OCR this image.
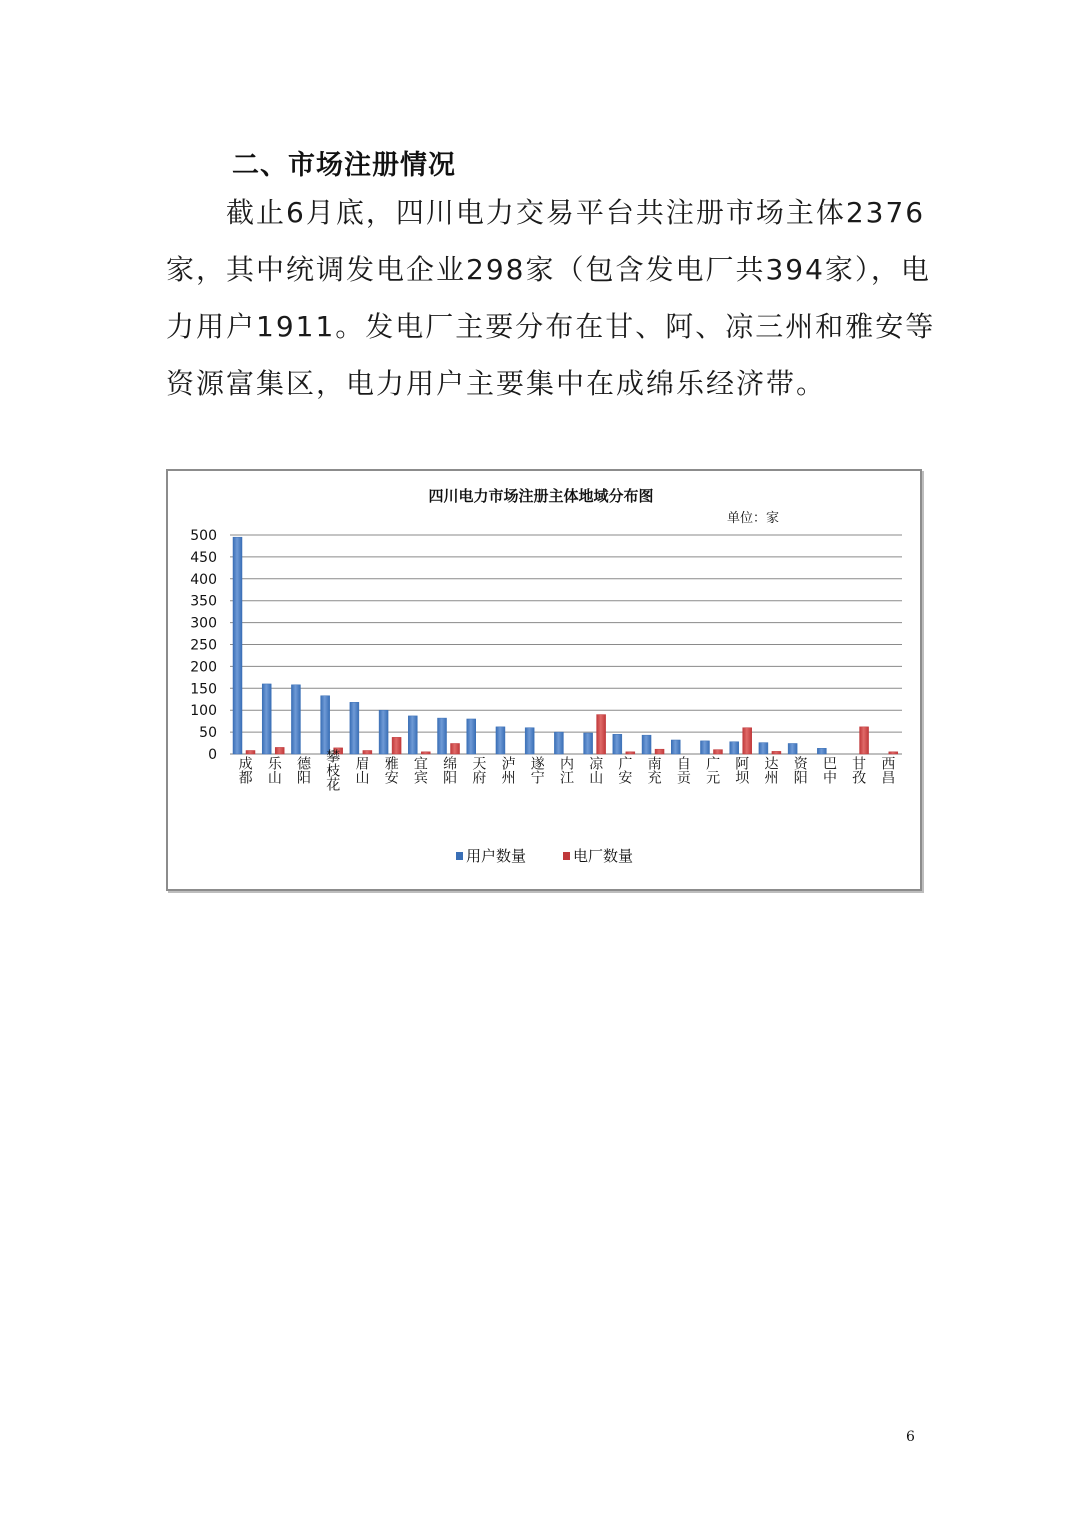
二、市场注册情况
　　截止6月底，四川电力交易平台共注册市场主体2376
家，其中统调发电企业298家（包含发电厂共394家），电
力用户1911。发电厂主要分布在甘、阿、凉三州和雅安等
资源富集区，电力用户主要集中在成绵乐经济带。
四川电力市场注册主体地域分布图
单位：家
0
50
100
150
200
250
300
350
400
450
500
成都 乐山 德阳 攀枝花 眉山 雅安 宜宾 绵阳 天府 泸州 遂宁 内江 凉山 广安 南充 自贡 广元 阿坝 达州 资阳 巴中 甘孜 西昌
用户数量	电厂数量
6
